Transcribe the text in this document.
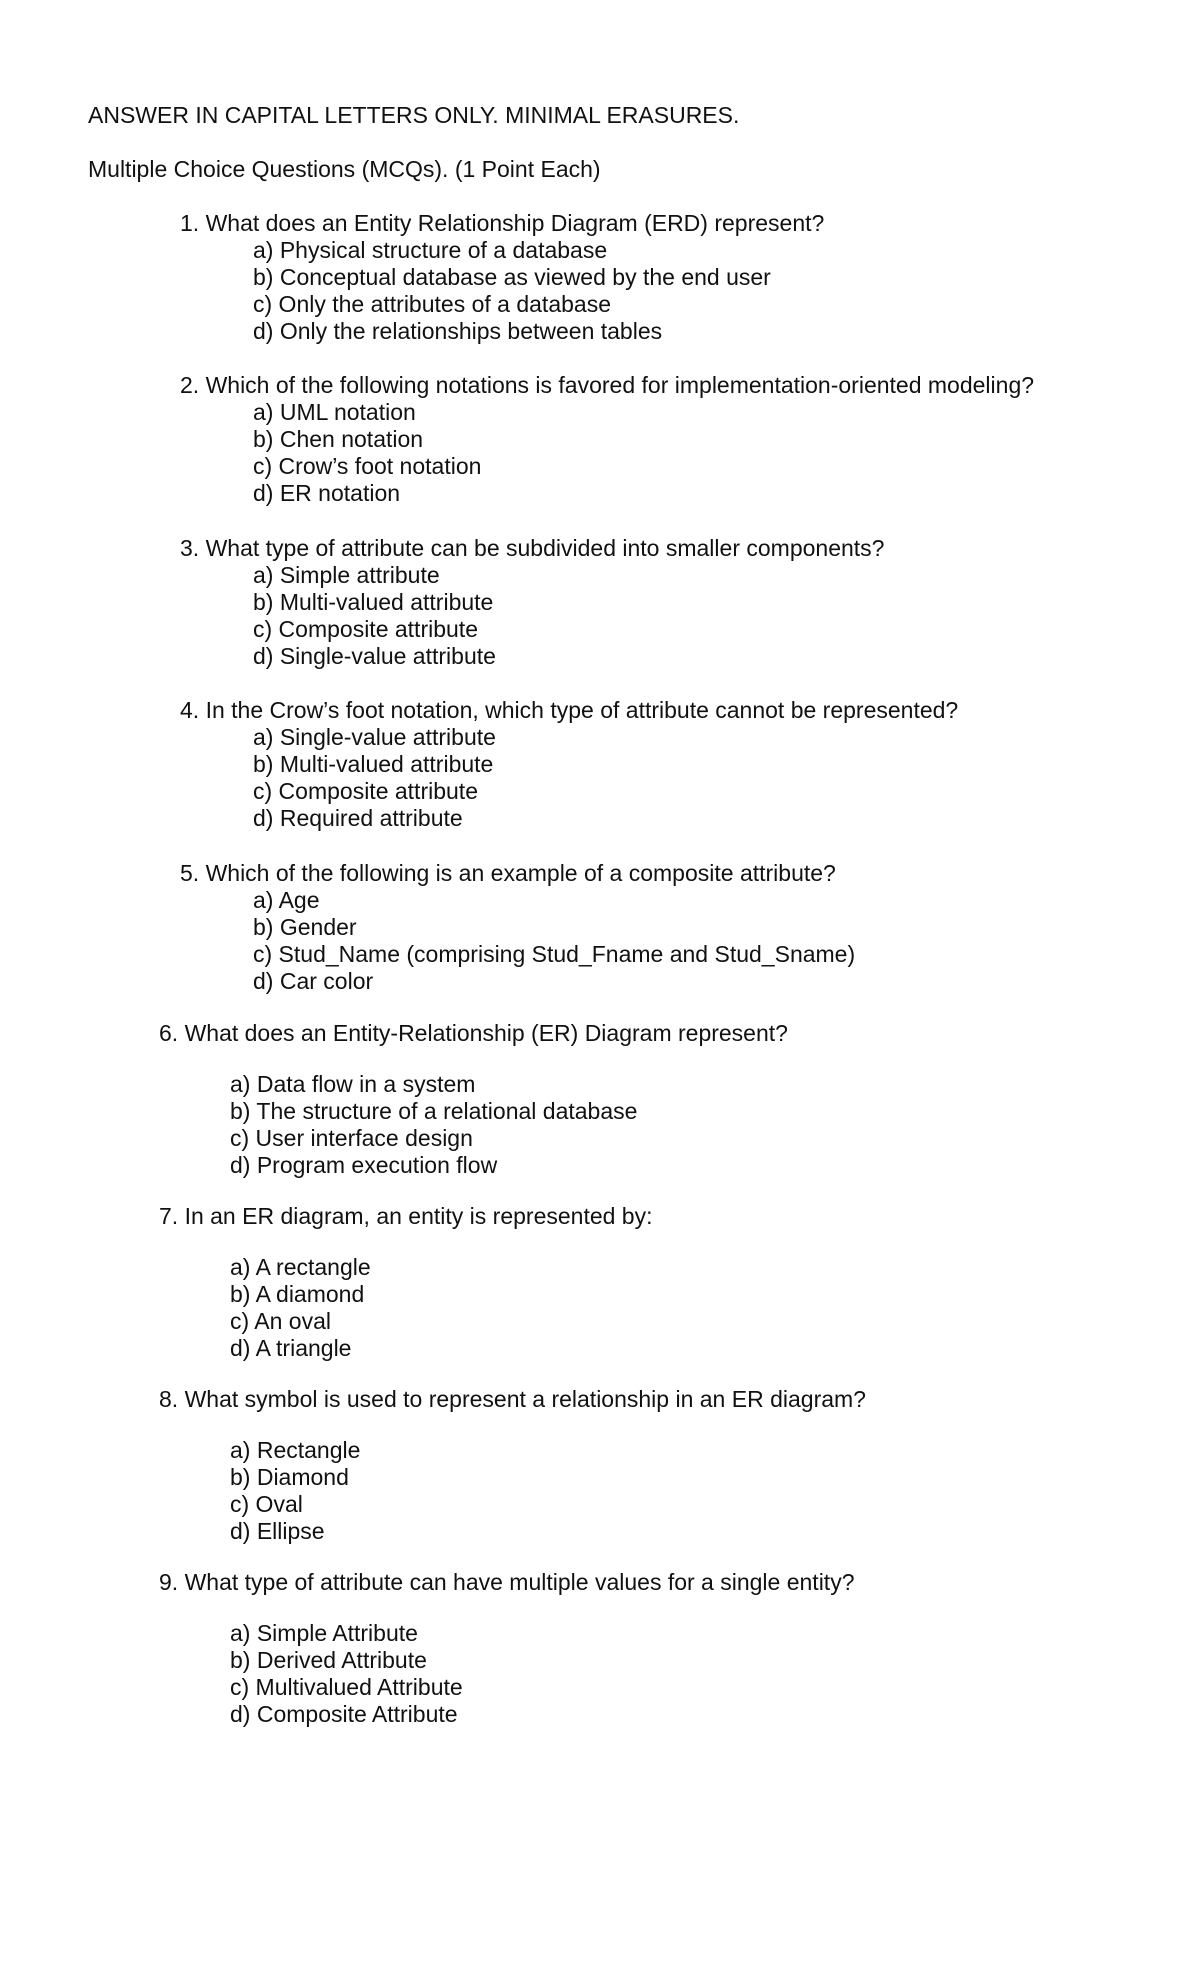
ANSWER IN CAPITAL LETTERS ONLY. MINIMAL ERASURES.
Multiple Choice Questions (MCQs). (1 Point Each)
1. What does an Entity Relationship Diagram (ERD) represent?
a) Physical structure of a database
b) Conceptual database as viewed by the end user
c) Only the attributes of a database
d) Only the relationships between tables
2. Which of the following notations is favored for implementation-oriented modeling?
a) UML notation
b) Chen notation
c) Crow’s foot notation
d) ER notation
3. What type of attribute can be subdivided into smaller components?
a) Simple attribute
b) Multi-valued attribute
c) Composite attribute
d) Single-value attribute
4. In the Crow’s foot notation, which type of attribute cannot be represented?
a) Single-value attribute
b) Multi-valued attribute
c) Composite attribute
d) Required attribute
5. Which of the following is an example of a composite attribute?
a) Age
b) Gender
c) Stud_Name (comprising Stud_Fname and Stud_Sname)
d) Car color
6. What does an Entity-Relationship (ER) Diagram represent?
a) Data flow in a system
b) The structure of a relational database
c) User interface design
d) Program execution flow
7. In an ER diagram, an entity is represented by:
a) A rectangle
b) A diamond
c) An oval
d) A triangle
8. What symbol is used to represent a relationship in an ER diagram?
a) Rectangle
b) Diamond
c) Oval
d) Ellipse
9. What type of attribute can have multiple values for a single entity?
a) Simple Attribute
b) Derived Attribute
c) Multivalued Attribute
d) Composite Attribute
